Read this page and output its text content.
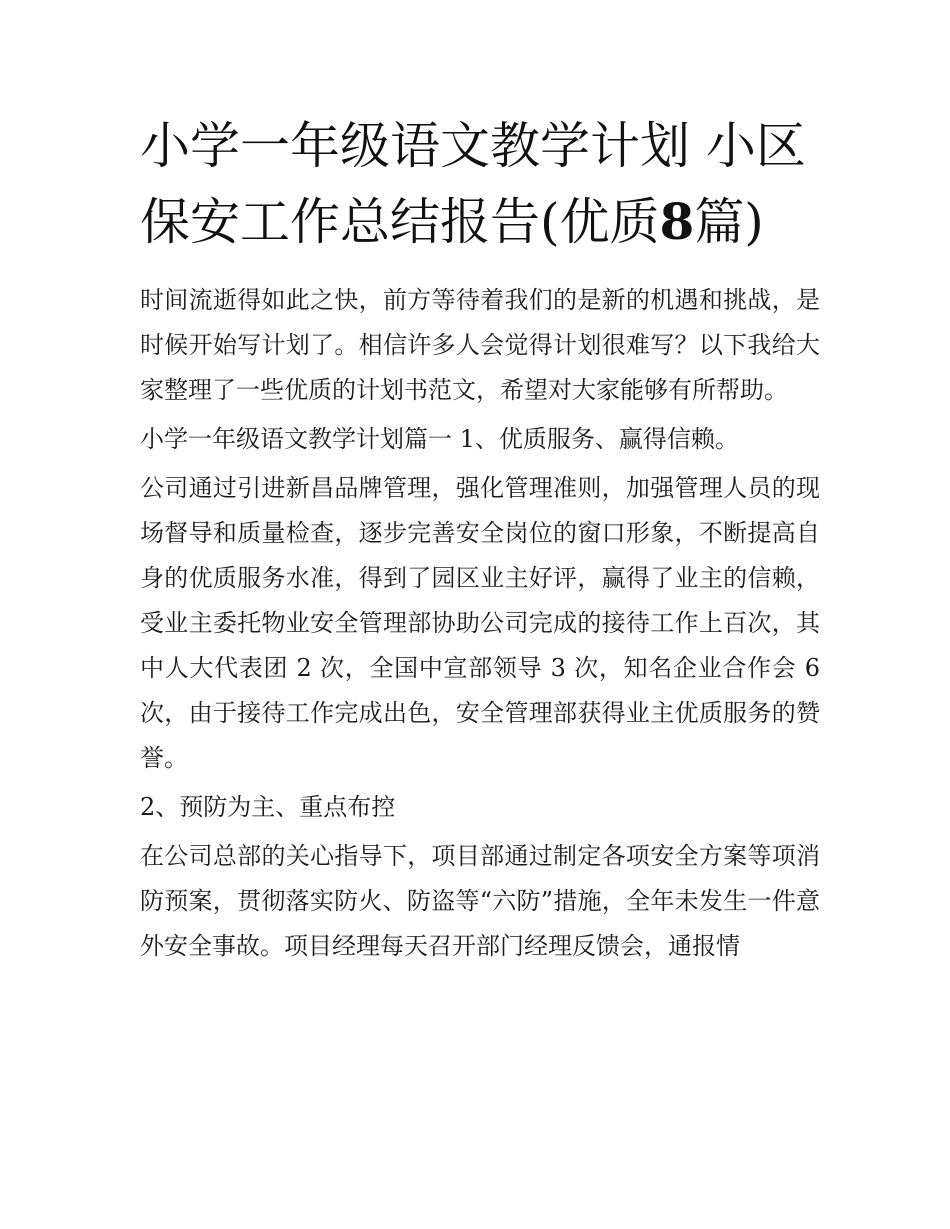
小学一年级语文教学计划 小区
保安工作总结报告(优质8篇)

时间流逝得如此之快，前方等待着我们的是新的机遇和挑战，是时候开始写计划了。相信许多人会觉得计划很难写？以下我给大家整理了一些优质的计划书范文，希望对大家能够有所帮助。

小学一年级语文教学计划篇一 1、优质服务、赢得信赖。

公司通过引进新昌品牌管理，强化管理准则，加强管理人员的现场督导和质量检查，逐步完善安全岗位的窗口形象，不断提高自身的优质服务水准，得到了园区业主好评，赢得了业主的信赖，受业主委托物业安全管理部协助公司完成的接待工作上百次，其中人大代表团 2 次，全国中宣部领导 3 次，知名企业合作会 6 次，由于接待工作完成出色，安全管理部获得业主优质服务的赞誉。

2、预防为主、重点布控

在公司总部的关心指导下，项目部通过制定各项安全方案等项消防预案，贯彻落实防火、防盗等“六防”措施，全年未发生一件意外安全事故。项目经理每天召开部门经理反馈会，通报情
